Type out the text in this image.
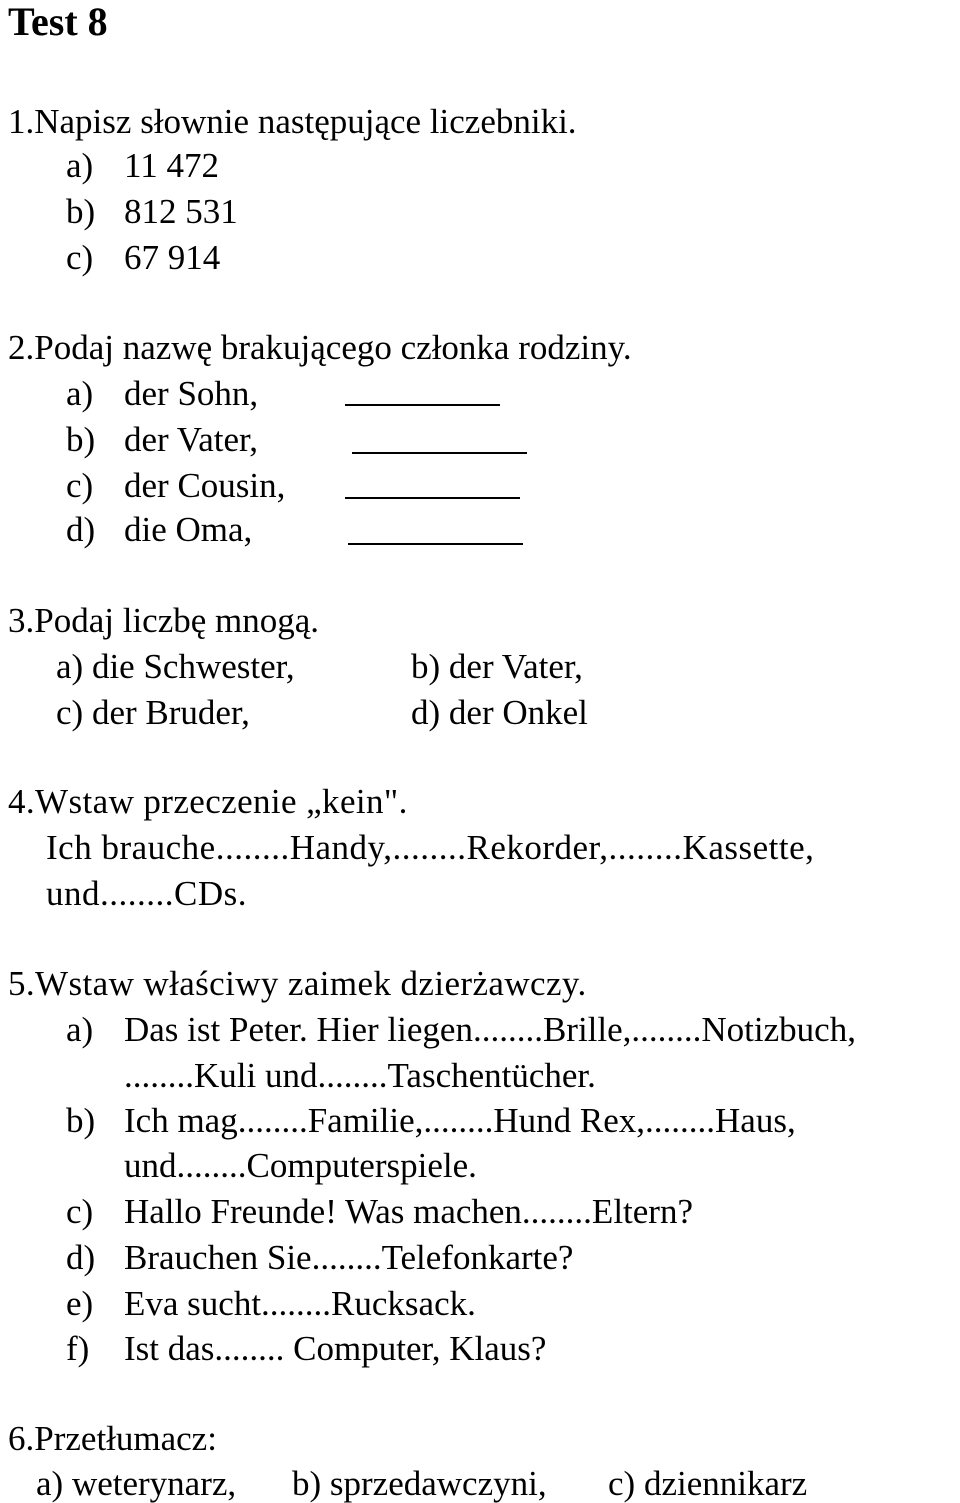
Test 8
1.Napisz słownie następujące liczebniki.
a) 11 472
b) 812 531
c) 67 914
2.Podaj nazwę brakującego członka rodziny.
a) der Sohn,
b) der Vater,
c) der Cousin,
d) die Oma,
3.Podaj liczbę mnogą.
a) die Schwester,	b) der Vater,
c) der Bruder,	d) der Onkel
4.Wstaw przeczenie „kein".
Ich brauche........Handy,........Rekorder,........Kassette,
und........CDs.
5.Wstaw właściwy zaimek dzierżawczy.
a) Das ist Peter. Hier liegen........Brille,........Notizbuch,
........Kuli und........Taschentücher.
b) Ich mag........Familie,........Hund Rex,........Haus,
und........Computerspiele.
c) Hallo Freunde! Was machen........Eltern?
d) Brauchen Sie........Telefonkarte?
e) Eva sucht........Rucksack.
f) Ist das........ Computer, Klaus?
6.Przetłumacz:
a) weterynarz, b) sprzedawczyni, c) dziennikarz
